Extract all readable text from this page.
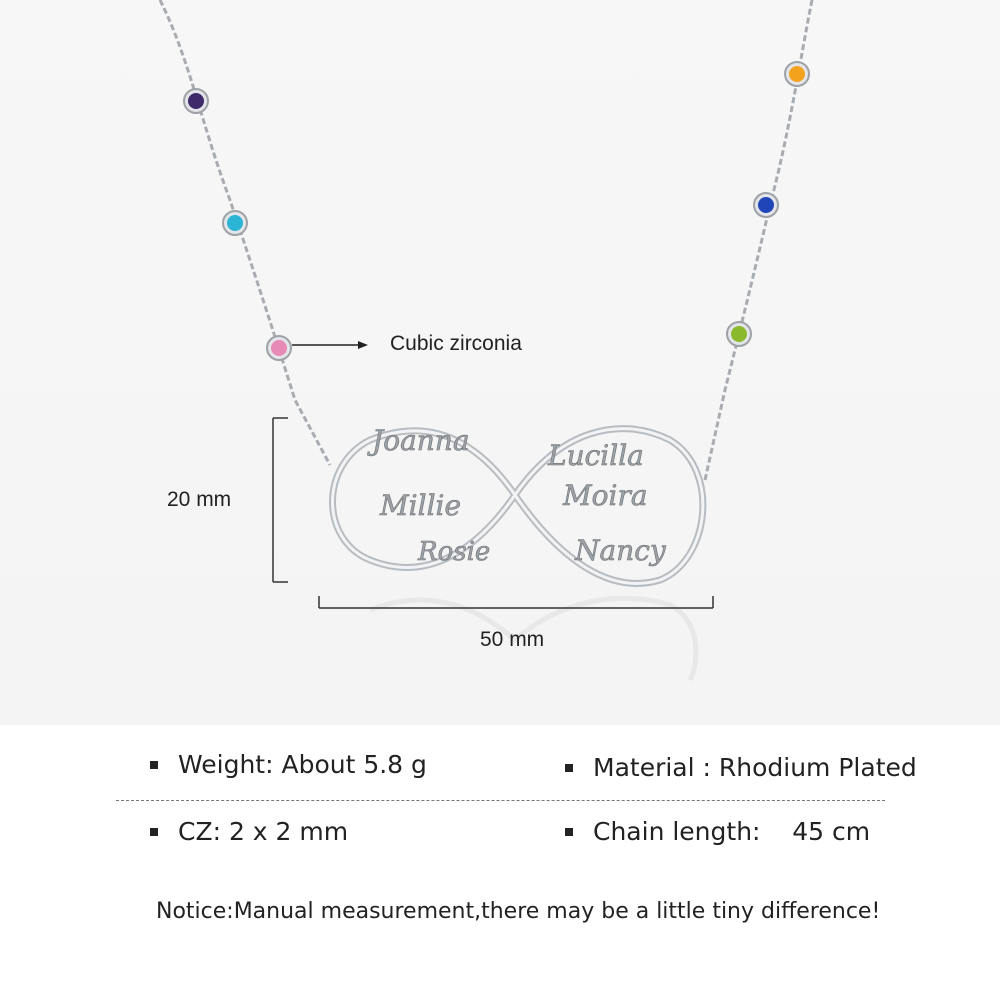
Joanna
Millie
Rosie
Lucilla
Moira
Nancy
Cubic zirconia
20 mm
50 mm
Weight: About 5.8 g	Material : Rhodium Plated
CZ: 2 x 2 mm	Chain length:    45 cm
Notice:Manual measurement,there may be a little tiny difference!
